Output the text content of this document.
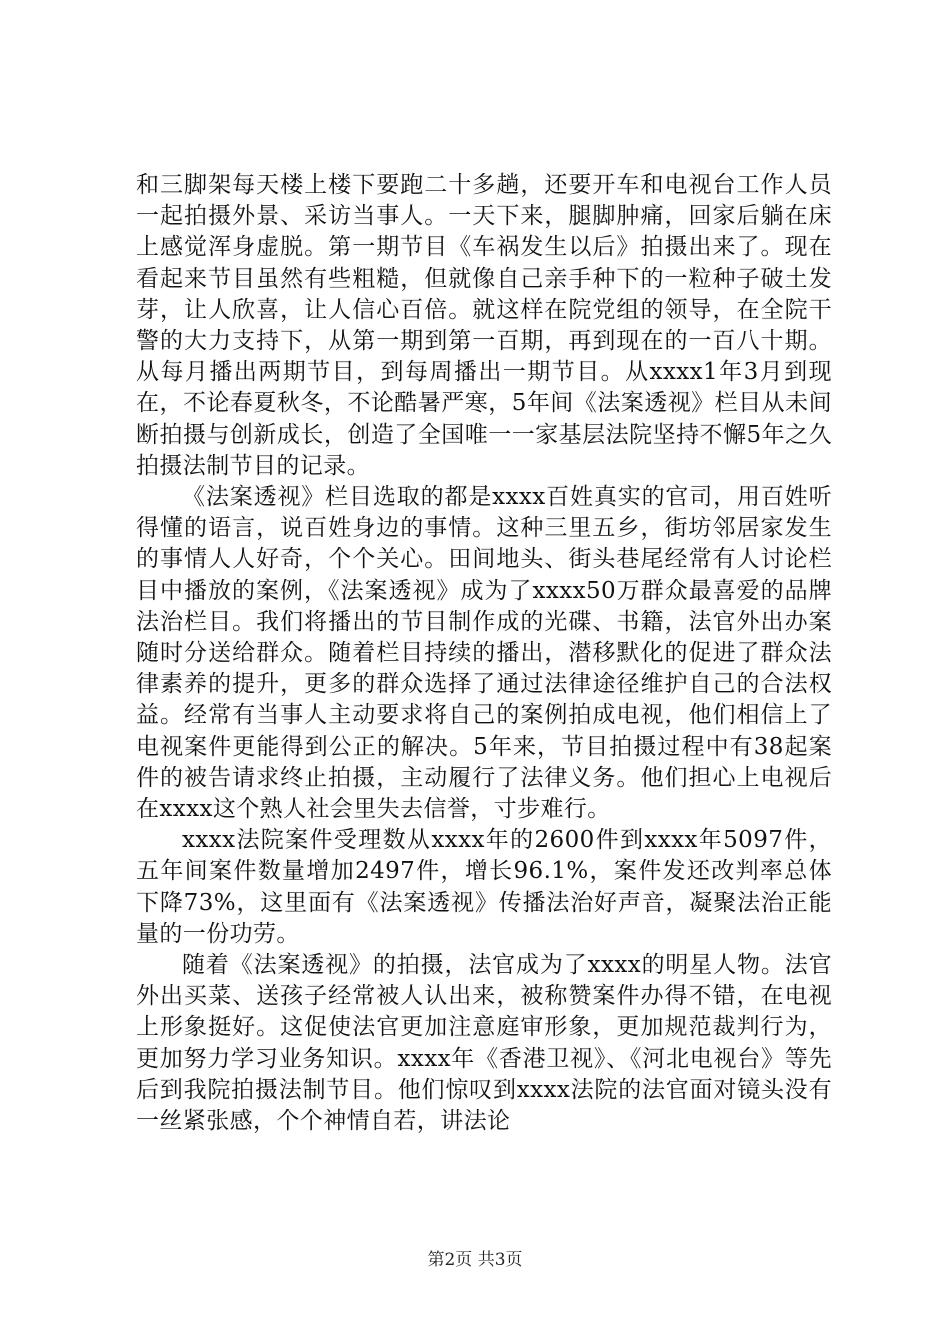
和三脚架每天楼上楼下要跑二十多趟，还要开车和电视台工作人员一起拍摄外景、采访当事人。一天下来，腿脚肿痛，回家后躺在床上感觉浑身虚脱。第一期节目《车祸发生以后》拍摄出来了。现在看起来节目虽然有些粗糙，但就像自己亲手种下的一粒种子破土发芽，让人欣喜，让人信心百倍。就这样在院党组的领导，在全院干警的大力支持下，从第一期到第一百期，再到现在的一百八十期。从每月播出两期节目，到每周播出一期节目。从xxxx1年3月到现在，不论春夏秋冬，不论酷暑严寒，5年间《法案透视》栏目从未间断拍摄与创新成长，创造了全国唯一一家基层法院坚持不懈5年之久拍摄法制节目的记录。

《法案透视》栏目选取的都是xxxx百姓真实的官司，用百姓听得懂的语言，说百姓身边的事情。这种三里五乡，街坊邻居家发生的事情人人好奇，个个关心。田间地头、街头巷尾经常有人讨论栏目中播放的案例，《法案透视》成为了xxxx50万群众最喜爱的品牌法治栏目。我们将播出的节目制作成的光碟、书籍，法官外出办案随时分送给群众。随着栏目持续的播出，潜移默化的促进了群众法律素养的提升，更多的群众选择了通过法律途径维护自己的合法权益。经常有当事人主动要求将自己的案例拍成电视，他们相信上了电视案件更能得到公正的解决。5年来，节目拍摄过程中有38起案件的被告请求终止拍摄，主动履行了法律义务。他们担心上电视后在xxxx这个熟人社会里失去信誉，寸步难行。

xxxx法院案件受理数从xxxx年的2600件到xxxx年5097件，五年间案件数量增加2497件，增长96.1%，案件发还改判率总体下降73%，这里面有《法案透视》传播法治好声音，凝聚法治正能量的一份功劳。

随着《法案透视》的拍摄，法官成为了xxxx的明星人物。法官外出买菜、送孩子经常被人认出来，被称赞案件办得不错，在电视上形象挺好。这促使法官更加注意庭审形象，更加规范裁判行为，更加努力学习业务知识。xxxx年《香港卫视》、《河北电视台》等先后到我院拍摄法制节目。他们惊叹到xxxx法院的法官面对镜头没有一丝紧张感，个个神情自若，讲法论

第2页 共3页
